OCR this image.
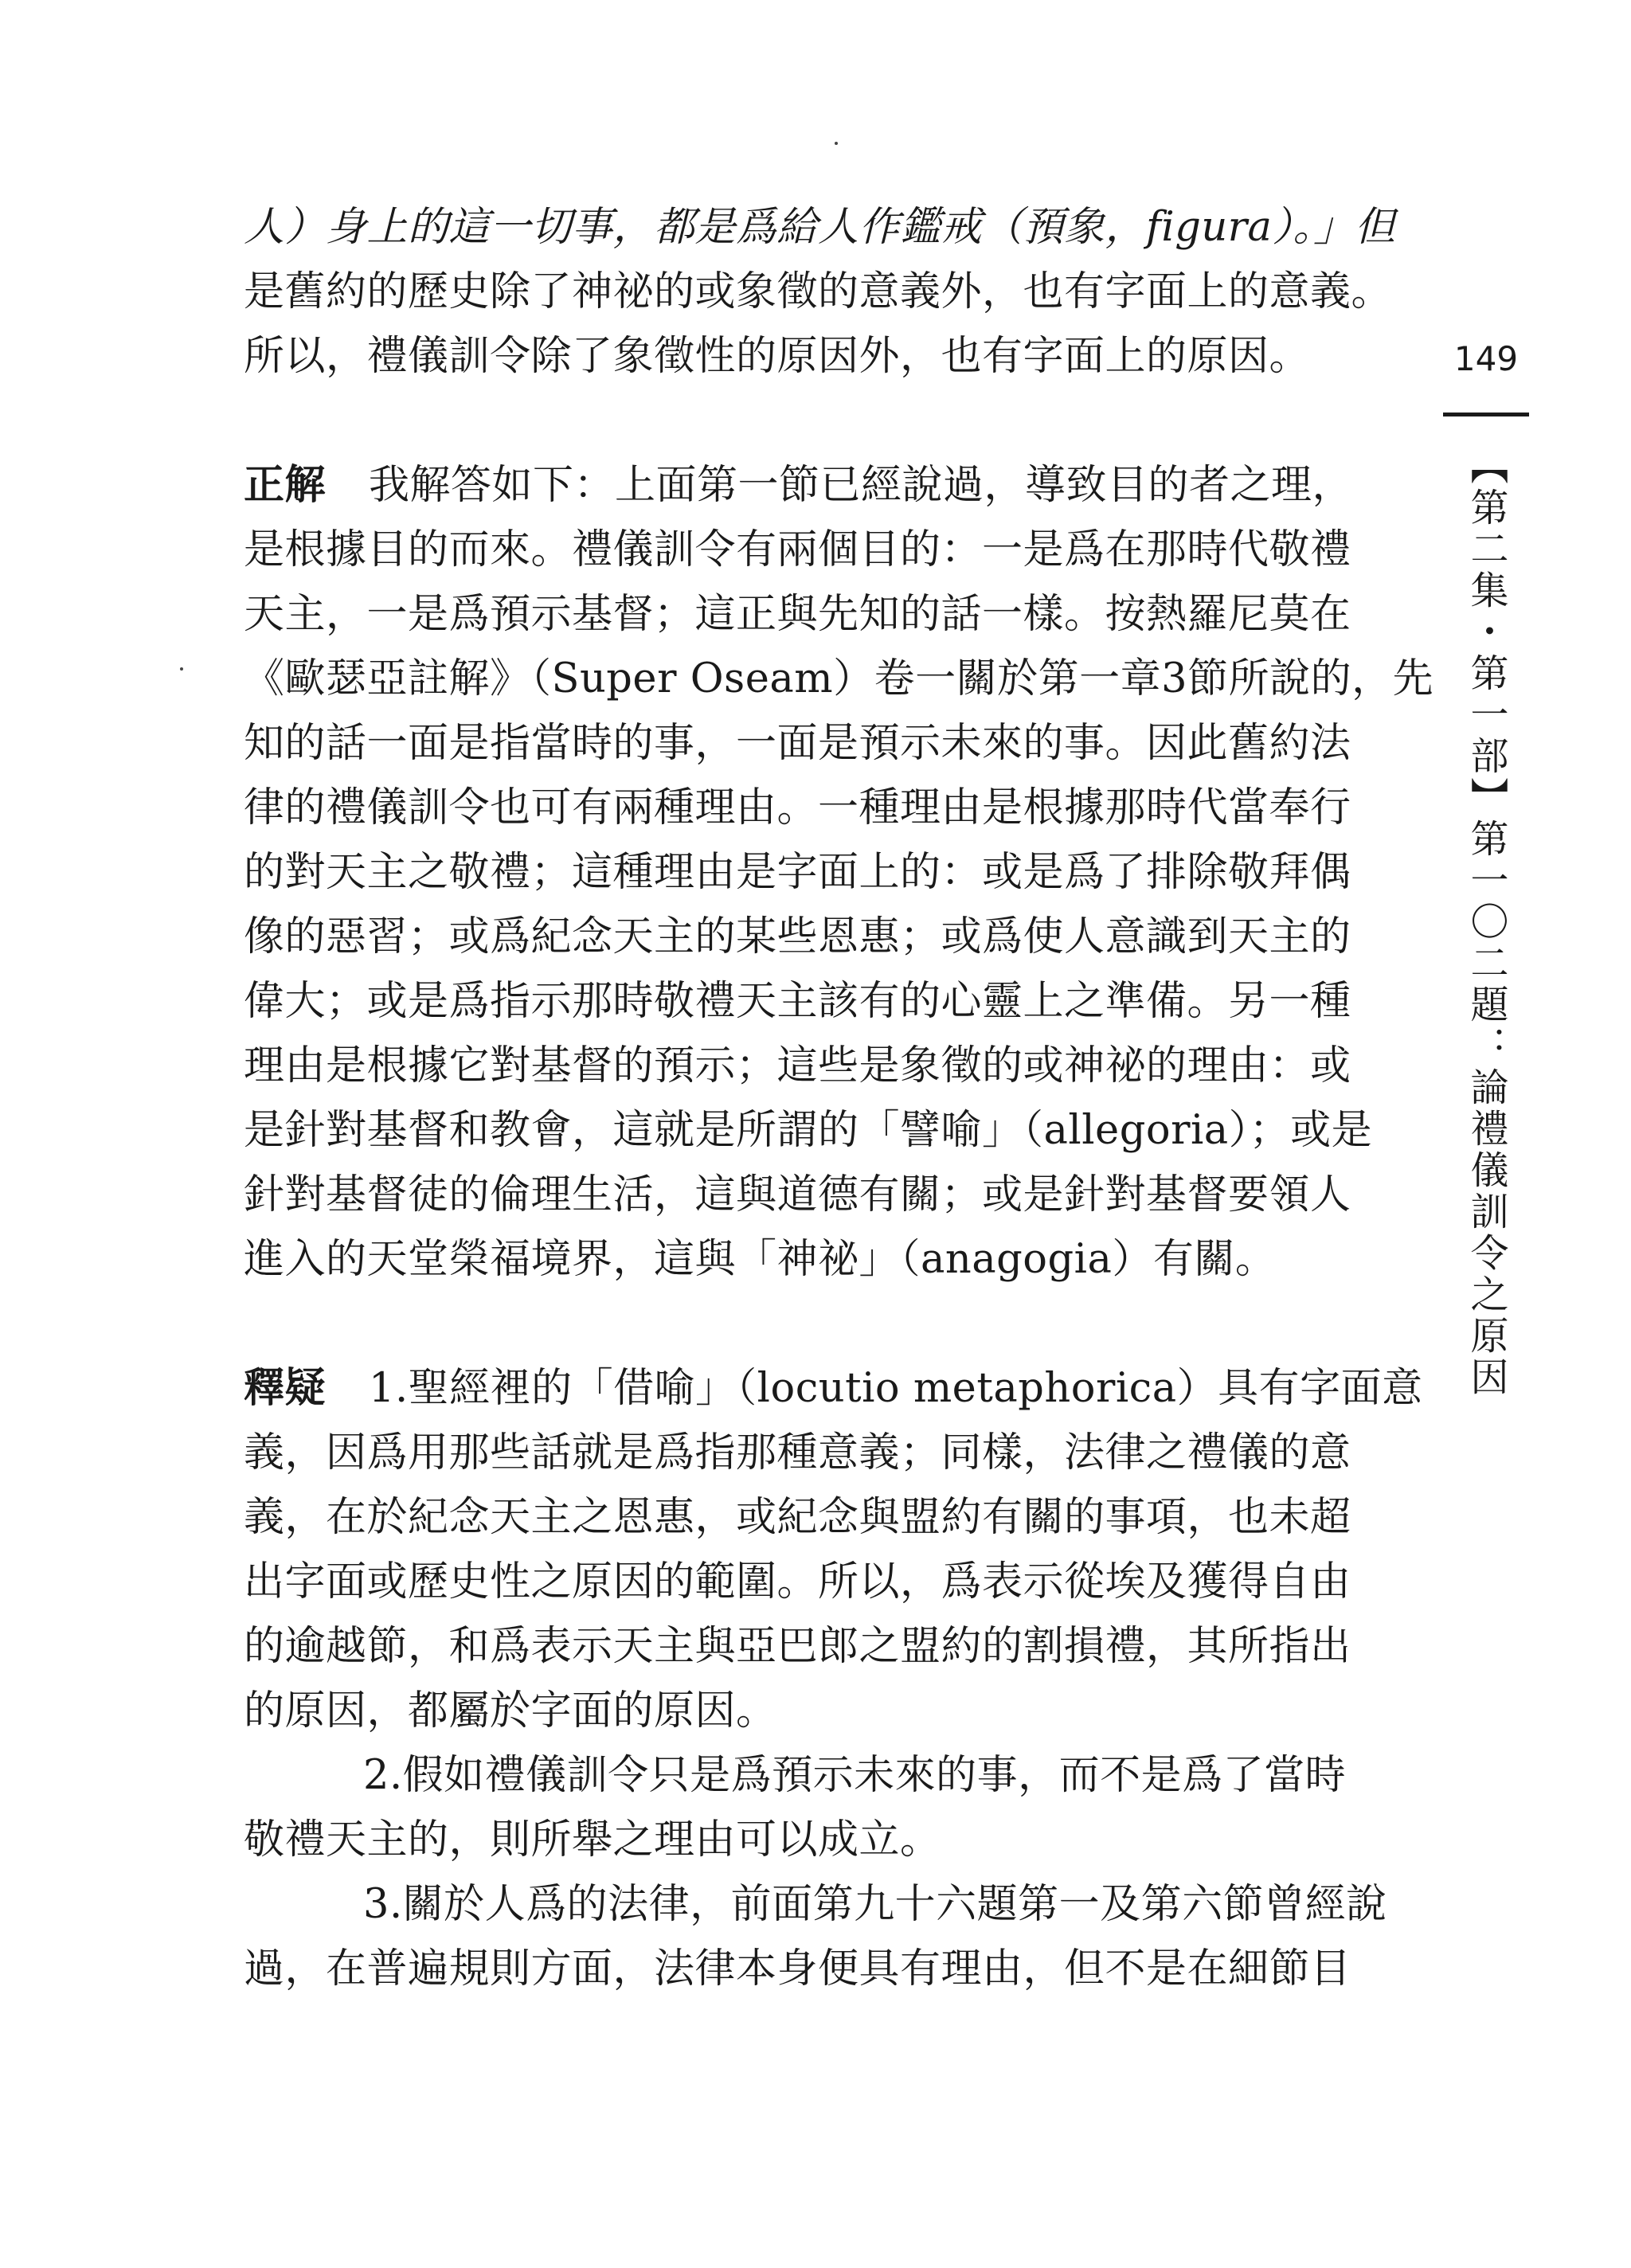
人）身上的這一切事，都是爲給人作鑑戒（預象，figura）。」但
是舊約的歷史除了神祕的或象徵的意義外，也有字面上的意義。
所以，禮儀訓令除了象徵性的原因外，也有字面上的原因。
正解 我解答如下：上面第一節已經說過，導致目的者之理，
是根據目的而來。禮儀訓令有兩個目的：一是爲在那時代敬禮
天主，一是爲預示基督；這正與先知的話一樣。按熱羅尼莫在
《歐瑟亞註解》（Super Oseam）卷一關於第一章3節所說的，先
知的話一面是指當時的事，一面是預示未來的事。因此舊約法
律的禮儀訓令也可有兩種理由。一種理由是根據那時代當奉行
的對天主之敬禮；這種理由是字面上的：或是爲了排除敬拜偶
像的惡習；或爲紀念天主的某些恩惠；或爲使人意識到天主的
偉大；或是爲指示那時敬禮天主該有的心靈上之準備。另一種
理由是根據它對基督的預示；這些是象徵的或神祕的理由：或
是針對基督和教會，這就是所謂的「譬喻」（allegoria）；或是
針對基督徒的倫理生活，這與道德有關；或是針對基督要領人
進入的天堂榮福境界，這與「神祕」（anagogia）有關。
釋疑 1.聖經裡的「借喻」（locutio metaphorica）具有字面意
義，因爲用那些話就是爲指那種意義；同樣，法律之禮儀的意
義，在於紀念天主之恩惠，或紀念與盟約有關的事項，也未超
出字面或歷史性之原因的範圍。所以，爲表示從埃及獲得自由
的逾越節，和爲表示天主與亞巴郎之盟約的割損禮，其所指出
的原因，都屬於字面的原因。
2.假如禮儀訓令只是爲預示未來的事，而不是爲了當時
敬禮天主的，則所舉之理由可以成立。
3.關於人爲的法律，前面第九十六題第一及第六節曾經說
過，在普遍規則方面，法律本身便具有理由，但不是在細節目
149
【第二集・第一部】第一〇二題：論禮儀訓令之原因
